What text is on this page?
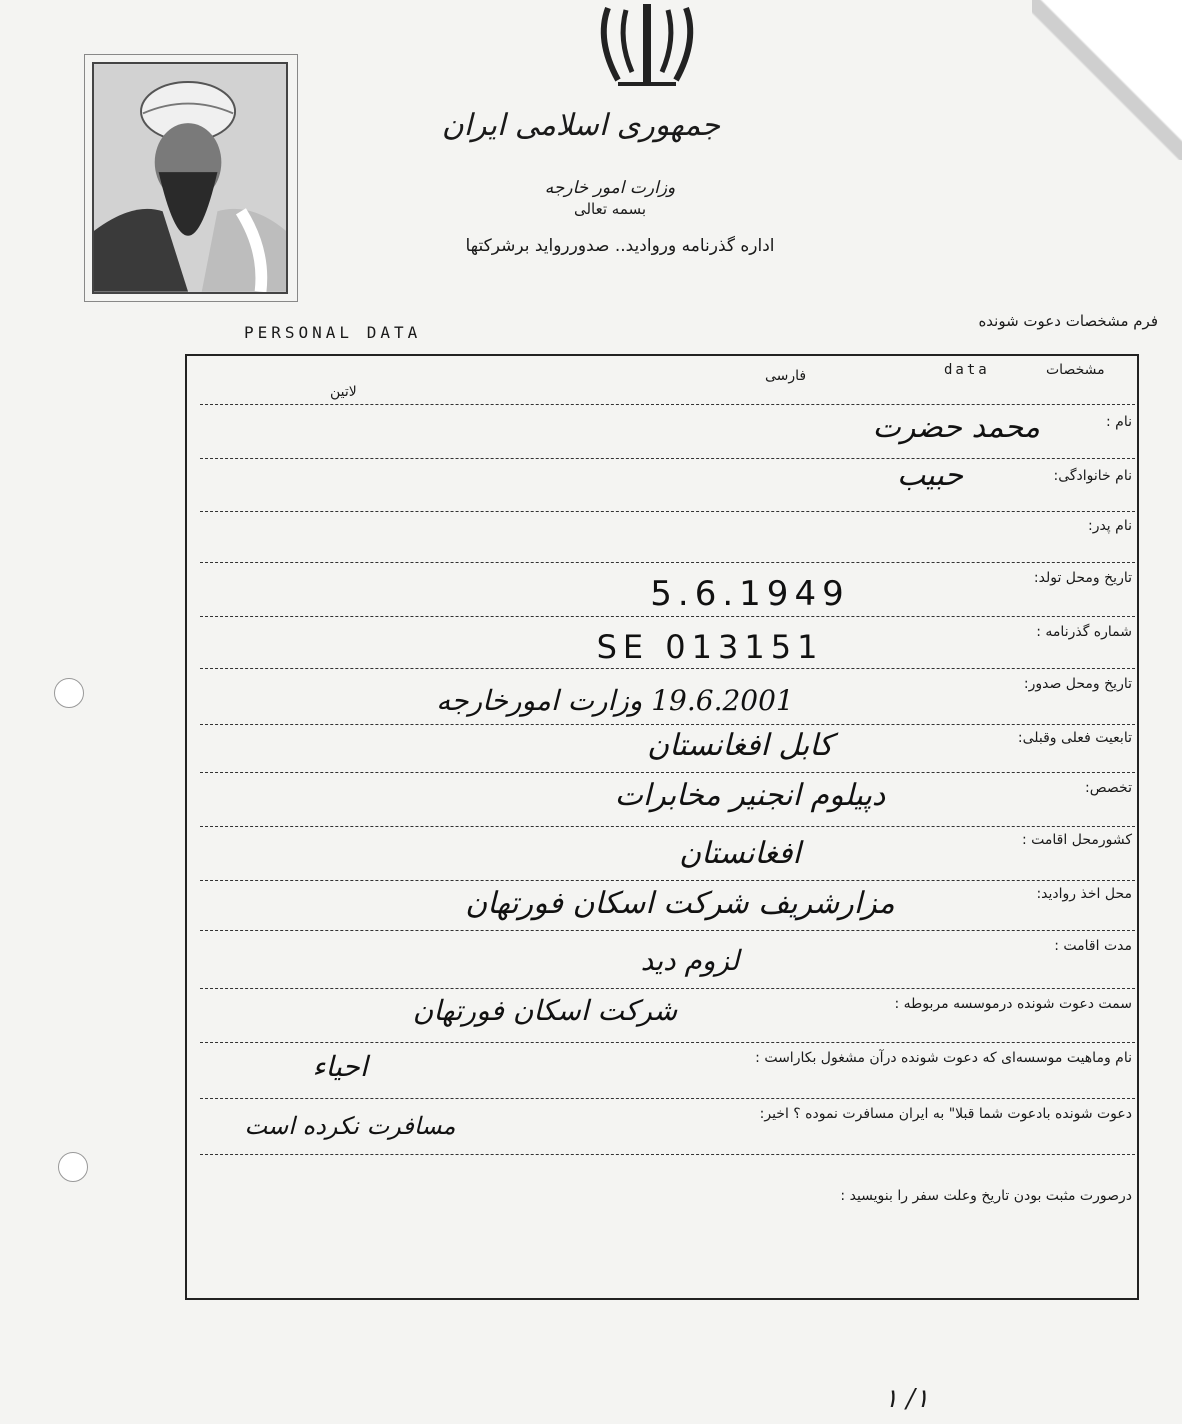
جمهوری اسلامی ایران
وزارت امور خارجه
بسمه تعالی
اداره گذرنامه وروادید.. صدوررواید برشرکتها
PERSONAL DATA
فرم مشخصات دعوت شونده
مشخصات
data
فارسی
لاتین
نام :
نام خانوادگی:
نام پدر:
تاریخ ومحل تولد:
شماره گذرنامه :
تاریخ ومحل صدور:
تابعیت فعلی وقبلی:
تخصص:
کشورمحل اقامت :
محل اخذ روادید:
مدت اقامت :
سمت دعوت شونده درموسسه مربوطه :
نام وماهیت موسسه‌ای که دعوت شونده درآن مشغول بکاراست :
دعوت شونده بادعوت شما قبلا" به ایران مسافرت نموده ؟ اخیر:
درصورت مثبت بودن تاریخ وعلت سفر را بنویسید :
محمد حضرت
حبیب
5.6.1949
SE 013151
19.6.2001 وزارت امورخارجه
کابل افغانستان
دپیلوم انجنیر مخابرات
افغانستان
مزارشریف شرکت اسکان فورتهان
لزوم دید
شرکت اسکان فورتهان
احیاء
مسافرت نکرده است
١/ ١
